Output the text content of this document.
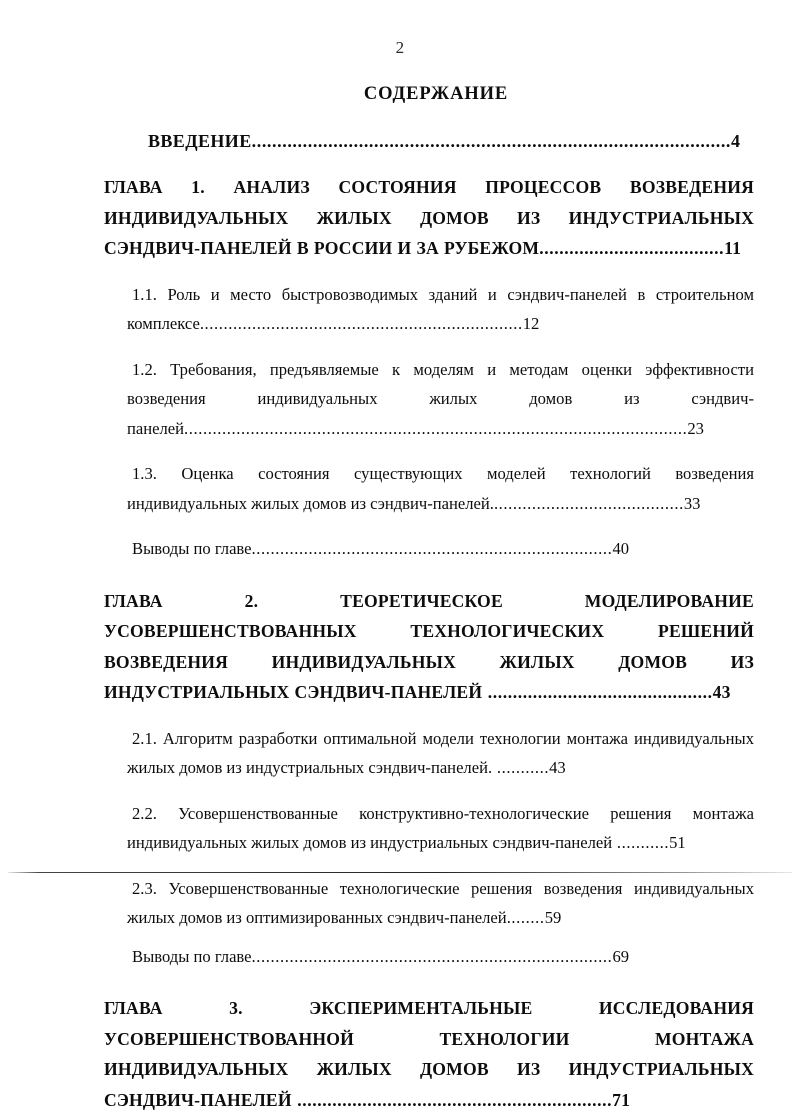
2
СОДЕРЖАНИЕ

ВВЕДЕНИЕ..............................................................................................4

ГЛАВА 1. АНАЛИЗ СОСТОЯНИЯ ПРОЦЕССОВ ВОЗВЕДЕНИЯ ИНДИВИДУАЛЬНЫХ ЖИЛЫХ ДОМОВ ИЗ ИНДУСТРИАЛЬНЫХ СЭНДВИЧ-ПАНЕЛЕЙ В РОССИИ И ЗА РУБЕЖОМ.....................................11

1.1. Роль и место быстровозводимых зданий и сэндвич-панелей в строительном комплексе....................................................................12

1.2. Требования, предъявляемые к моделям и методам оценки эффективности возведения индивидуальных жилых домов из сэндвич-панелей..........................................................................................................23

1.3. Оценка состояния существующих моделей технологий возведения индивидуальных жилых домов из сэндвич-панелей.........................................33

Выводы по главе............................................................................40

ГЛАВА 2. ТЕОРЕТИЧЕСКОЕ МОДЕЛИРОВАНИЕ УСОВЕРШЕНСТВОВАННЫХ ТЕХНОЛОГИЧЕСКИХ РЕШЕНИЙ ВОЗВЕДЕНИЯ ИНДИВИДУАЛЬНЫХ ЖИЛЫХ ДОМОВ ИЗ ИНДУСТРИАЛЬНЫХ СЭНДВИЧ-ПАНЕЛЕЙ .............................................43

2.1. Алгоритм разработки оптимальной модели технологии монтажа индивидуальных жилых домов из индустриальных сэндвич-панелей. ...........43

2.2. Усовершенствованные конструктивно-технологические решения монтажа индивидуальных жилых домов из индустриальных сэндвич-панелей ...........51

2.3. Усовершенствованные технологические решения возведения индивидуальных жилых домов из оптимизированных сэндвич-панелей........59

Выводы по главе............................................................................69

ГЛАВА 3. ЭКСПЕРИМЕНТАЛЬНЫЕ ИССЛЕДОВАНИЯ УСОВЕРШЕНСТВОВАННОЙ ТЕХНОЛОГИИ МОНТАЖА ИНДИВИДУАЛЬНЫХ ЖИЛЫХ ДОМОВ ИЗ ИНДУСТРИАЛЬНЫХ СЭНДВИЧ-ПАНЕЛЕЙ ...............................................................71
